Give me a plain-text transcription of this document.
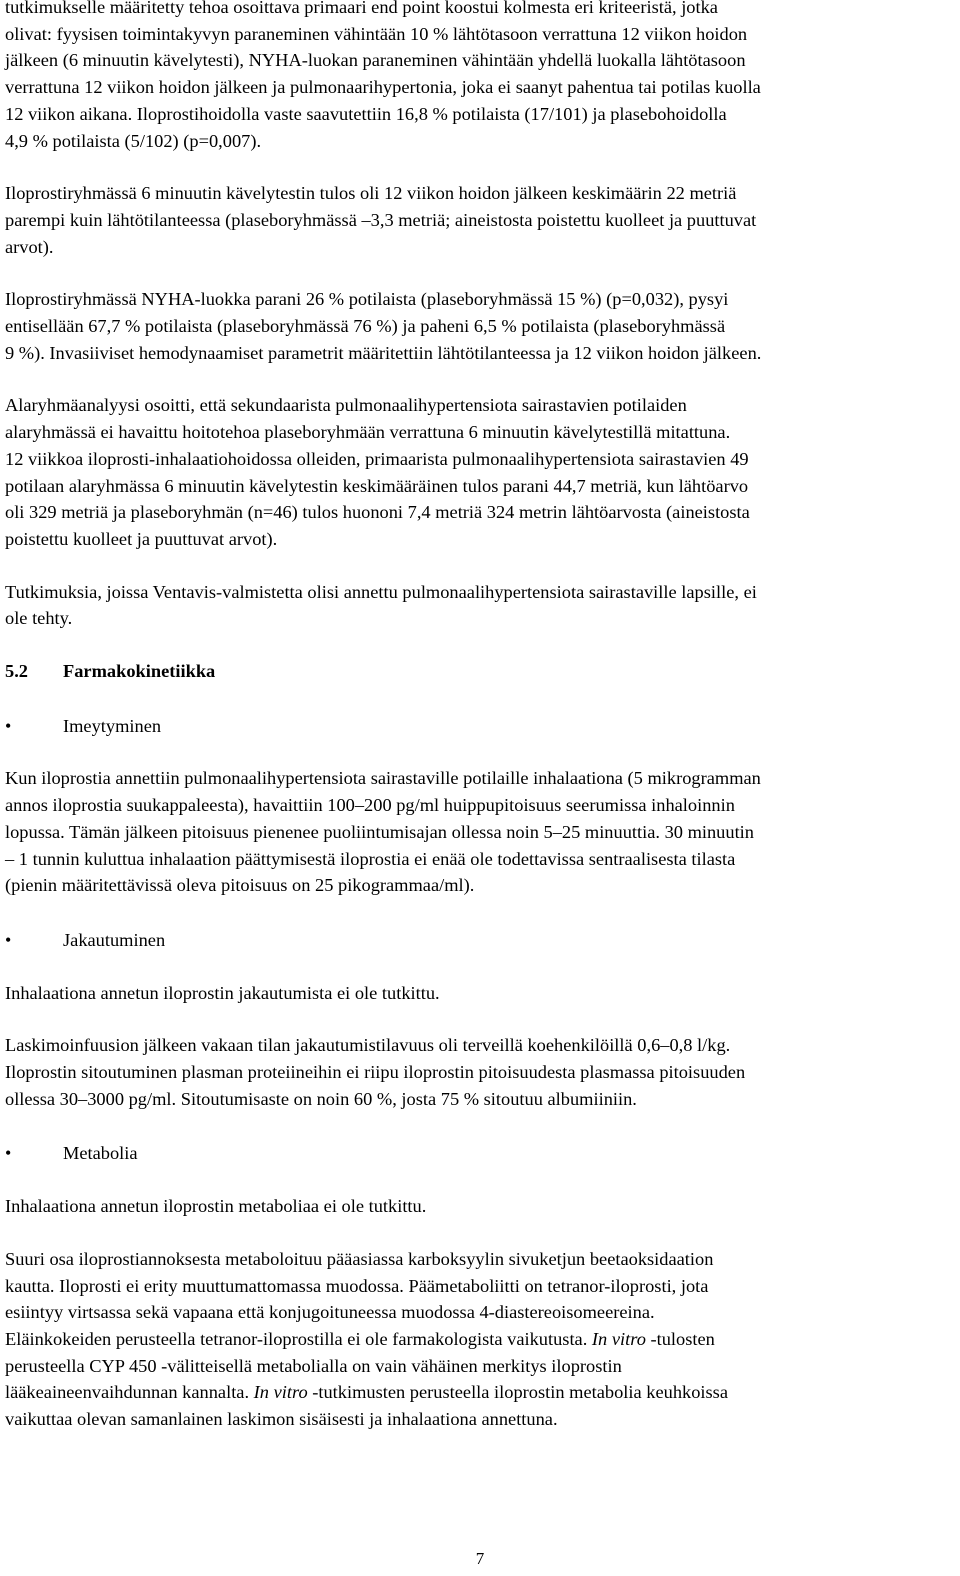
tutkimukselle määritetty tehoa osoittava primaari end point koostui kolmesta eri kriteeristä, jotka
olivat: fyysisen toimintakyvyn paraneminen vähintään 10 % lähtötasoon verrattuna 12 viikon hoidon
jälkeen (6 minuutin kävelytesti), NYHA-luokan paraneminen vähintään yhdellä luokalla lähtötasoon
verrattuna 12 viikon hoidon jälkeen ja pulmonaarihypertonia, joka ei saanyt pahentua tai potilas kuolla
12 viikon aikana. Iloprostihoidolla vaste saavutettiin 16,8 % potilaista (17/101) ja plasebohoidolla
4,9 % potilaista (5/102) (p=0,007).

Iloprostiryhmässä 6 minuutin kävelytestin tulos oli 12 viikon hoidon jälkeen keskimäärin 22 metriä
parempi kuin lähtötilanteessa (plaseboryhmässä –3,3 metriä; aineistosta poistettu kuolleet ja puuttuvat
arvot).

Iloprostiryhmässä NYHA-luokka parani 26 % potilaista (plaseboryhmässä 15 %) (p=0,032), pysyi
entisellään 67,7 % potilaista (plaseboryhmässä 76 %) ja paheni 6,5 % potilaista (plaseboryhmässä
9 %). Invasiiviset hemodynaamiset parametrit määritettiin lähtötilanteessa ja 12 viikon hoidon jälkeen.

Alaryhmäanalyysi osoitti, että sekundaarista pulmonaalihypertensiota sairastavien potilaiden
alaryhmässä ei havaittu hoitotehoa plaseboryhmään verrattuna 6 minuutin kävelytestillä mitattuna.
12 viikkoa iloprosti-inhalaatiohoidossa olleiden, primaarista pulmonaalihypertensiota sairastavien 49
potilaan alaryhmässa 6 minuutin kävelytestin keskimääräinen tulos parani 44,7 metriä, kun lähtöarvo
oli 329 metriä ja plaseboryhmän (n=46) tulos huononi 7,4 metriä 324 metrin lähtöarvosta (aineistosta
poistettu kuolleet ja puuttuvat arvot).

Tutkimuksia, joissa Ventavis-valmistetta olisi annettu pulmonaalihypertensiota sairastaville lapsille, ei
ole tehty.

5.2	Farmakokinetiikka
•	Imeytyminen

Kun iloprostia annettiin pulmonaalihypertensiota sairastaville potilaille inhalaationa (5 mikrogramman
annos iloprostia suukappaleesta), havaittiin 100–200 pg/ml huippupitoisuus seerumissa inhaloinnin
lopussa. Tämän jälkeen pitoisuus pienenee puoliintumisajan ollessa noin 5–25 minuuttia. 30 minuutin
– 1 tunnin kuluttua inhalaation päättymisestä iloprostia ei enää ole todettavissa sentraalisesta tilasta
(pienin määritettävissä oleva pitoisuus on 25 pikogrammaa/ml).

•	Jakautuminen

Inhalaationa annetun iloprostin jakautumista ei ole tutkittu.

Laskimoinfuusion jälkeen vakaan tilan jakautumistilavuus oli terveillä koehenkilöillä 0,6–0,8 l/kg.
Iloprostin sitoutuminen plasman proteiineihin ei riipu iloprostin pitoisuudesta plasmassa pitoisuuden
ollessa 30–3000 pg/ml. Sitoutumisaste on noin 60 %, josta 75 % sitoutuu albumiiniin.

•	Metabolia

Inhalaationa annetun iloprostin metaboliaa ei ole tutkittu.

Suuri osa iloprostiannoksesta metaboloituu pääasiassa karboksyylin sivuketjun beetaoksidaation
kautta. Iloprosti ei erity muuttumattomassa muodossa. Päämetaboliitti on tetranor-iloprosti, jota
esiintyy virtsassa sekä vapaana että konjugoituneessa muodossa 4-diastereoisomeereina.
Eläinkokeiden perusteella tetranor-iloprostilla ei ole farmakologista vaikutusta. In vitro -tulosten
perusteella CYP 450 -välitteisellä metabolialla on vain vähäinen merkitys iloprostin
lääkeaineenvaihdunnan kannalta. In vitro -tutkimusten perusteella iloprostin metabolia keuhkoissa
vaikuttaa olevan samanlainen laskimon sisäisesti ja inhalaationa annettuna.

7
